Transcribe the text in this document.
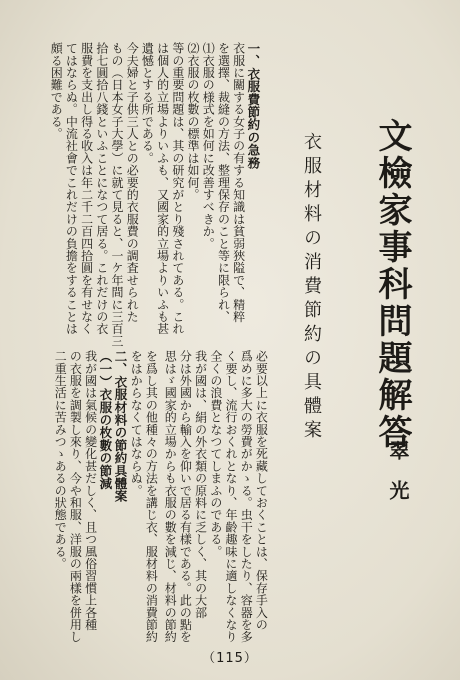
文檢家事科問題解答
衣服材料の消費節約の具體案
翠　光

一、衣服費節約の急務

衣服に關する女子の有する知識は貧弱狹隘で、精粹

を選擇、裁縫の方法、整理保存のこと等に限られ、

⑴衣服の様式を如何に改善すべきか。

⑵衣服の枚數の標準は如何。

等の重要問題は、其の研究がとり殘されてある。これ

は個人的立場よりいふも、又國家的立場よりいふも甚

遺憾とする所である。

今夫婦と子供三人との必要的衣服費の調査せられた

もの（日本女子大學）に就て見ると、一ケ年間に三百三

拾七圓拾八錢といふことになつて居る。これだけの衣

服費を支出し得る收入は年二千二百四拾圓を有せなく

てはならぬ。中流社會でこれだけの負擔をすることは

頗る困難である。

必要以上に衣服を死藏しておくことは、保存手入の

爲めに多大の勞費がかゝる。虫干をしたり、容器を多

く要し、流行おくれとなり、年齡趣味に適しなくなり

全くの浪費となつてしまふのである。

我が國は、絹の外衣類の原料に乏しく、其の大部

分は外國から輸入を仰いで居る有樣である。此の點を

思はゞ國家的立場からも衣服の數を減じ、材料の節約

を爲し其の他種々の方法を講じ衣、服材料の消費節約

をはからなくてはならぬ。

二、衣服材料の節約具體案

（一）衣服の枚數の節減

我が國は氣候の變化甚だしく、且つ風俗習慣上各種

の衣服を調製し來り、今や和服、洋服の兩樣を併用し

二重生活に苦みつゝあるの狀態である。

（115）
